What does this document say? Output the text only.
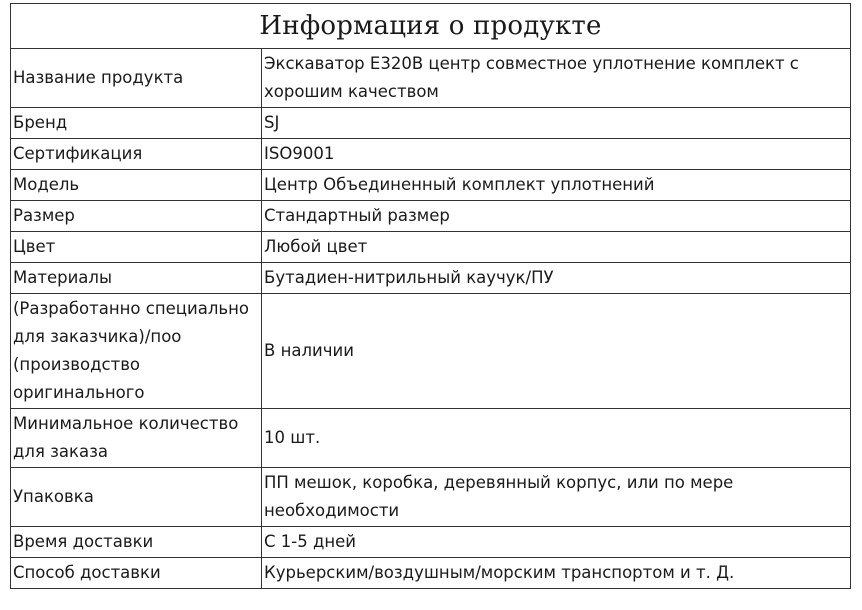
Информация о продукте	
Название продукта	Экскаватор E320B центр совместное уплотнение комплект с хорошим качеством
Бренд	SJ
Сертификация	ISO9001
Модель	Центр Объединенный комплект уплотнений
Размер	Стандартный размер
Цвет	Любой цвет
Материалы	Бутадиен-нитрильный каучук/ПУ
(Разработанно специально для заказчика)/поо (производство оригинального	В наличии
Минимальное количество для заказа	10 шт.
Упаковка	ПП мешок, коробка, деревянный корпус, или по мере необходимости
Время доставки	С 1-5 дней
Способ доставки	Курьерским/воздушным/морским транспортом и т. Д.
